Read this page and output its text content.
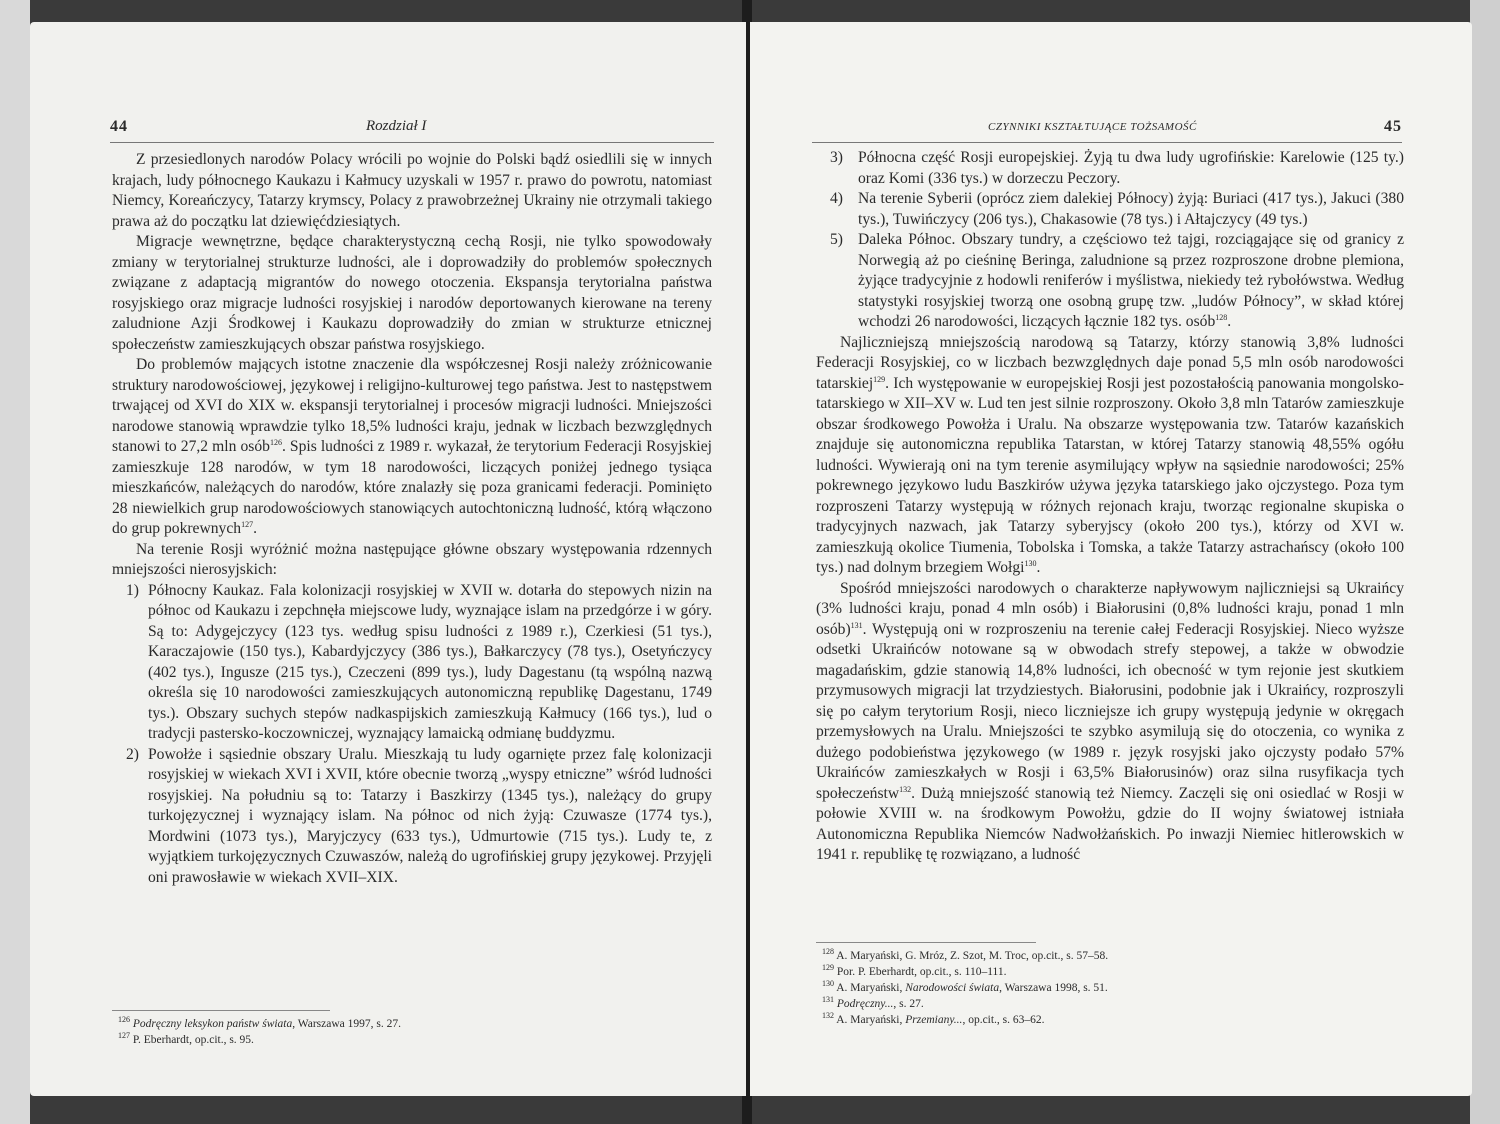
44	Rozdział I

Z przesiedlonych narodów Polacy wrócili po wojnie do Polski bądź osiedlili się w innych krajach, ludy północnego Kaukazu i Kałmucy uzyskali w 1957 r. prawo do powrotu, natomiast Niemcy, Koreańczycy, Tatarzy krymscy, Polacy z prawobrzeżnej Ukrainy nie otrzymali takiego prawa aż do początku lat dziewięćdziesiątych.

Migracje wewnętrzne, będące charakterystyczną cechą Rosji, nie tylko spowodowały zmiany w terytorialnej strukturze ludności, ale i doprowadziły do problemów społecznych związane z adaptacją migrantów do nowego otoczenia. Ekspansja terytorialna państwa rosyjskiego oraz migracje ludności rosyjskiej i narodów deportowanych kierowane na tereny zaludnione Azji Środkowej i Kaukazu doprowadziły do zmian w strukturze etnicznej społeczeństw zamieszkujących obszar państwa rosyjskiego.

Do problemów mających istotne znaczenie dla współczesnej Rosji należy zróżnicowanie struktury narodowościowej, językowej i religijno-kulturowej tego państwa. Jest to następstwem trwającej od XVI do XIX w. ekspansji terytorialnej i procesów migracji ludności. Mniejszości narodowe stanowią wprawdzie tylko 18,5% ludności kraju, jednak w liczbach bezwzględnych stanowi to 27,2 mln osób$^{126}$. Spis ludności z 1989 r. wykazał, że terytorium Federacji Rosyjskiej zamieszkuje 128 narodów, w tym 18 narodowości, liczących poniżej jednego tysiąca mieszkańców, należących do narodów, które znalazły się poza granicami federacji. Pominięto 28 niewielkich grup narodowościowych stanowiących autochtoniczną ludność, którą włączono do grup pokrewnych$^{127}$.

Na terenie Rosji wyróżnić można następujące główne obszary występowania rdzennych mniejszości nierosyjskich:

1) Północny Kaukaz. Fala kolonizacji rosyjskiej w XVII w. dotarła do stepowych nizin na północ od Kaukazu i zepchnęła miejscowe ludy, wyznające islam na przedgórze i w góry. Są to: Adygejczycy (123 tys. według spisu ludności z 1989 r.), Czerkiesi (51 tys.), Karaczajowie (150 tys.), Kabardyjczycy (386 tys.), Bałkarczycy (78 tys.), Osetyńczycy (402 tys.), Ingusze (215 tys.), Czeczeni (899 tys.), ludy Dagestanu (tą wspólną nazwą określa się 10 narodowości zamieszkujących autonomiczną republikę Dagestanu, 1749 tys.). Obszary suchych stepów nadkaspijskich zamieszkują Kałmucy (166 tys.), lud o tradycji pastersko-koczowniczej, wyznający lamaicką odmianę buddyzmu.
2) Powołże i sąsiednie obszary Uralu. Mieszkają tu ludy ogarnięte przez falę kolonizacji rosyjskiej w wiekach XVI i XVII, które obecnie tworzą „wyspy etniczne” wśród ludności rosyjskiej. Na południu są to: Tatarzy i Baszkirzy (1345 tys.), należący do grupy turkojęzycznej i wyznający islam. Na północ od nich żyją: Czuwasze (1774 tys.), Mordwini (1073 tys.), Maryjczycy (633 tys.), Udmurtowie (715 tys.). Ludy te, z wyjątkiem turkojęzycznych Czuwaszów, należą do ugrofińskiej grupy językowej. Przyjęli oni prawosławie w wiekach XVII–XIX.
$^{126}$ Podręczny leksykon państw świata, Warszawa 1997, s. 27.
$^{127}$ P. Eberhardt, op.cit., s. 95.
CZYNNIKI KSZTAŁTUJĄCE TOŻSAMOŚĆ	45
3) Północna część Rosji europejskiej. Żyją tu dwa ludy ugrofińskie: Karelowie (125 ty.) oraz Komi (336 tys.) w dorzeczu Peczory.
4) Na terenie Syberii (oprócz ziem dalekiej Północy) żyją: Buriaci (417 tys.), Jakuci (380 tys.), Tuwińczycy (206 tys.), Chakasowie (78 tys.) i Ałtajczycy (49 tys.)
5) Daleka Północ. Obszary tundry, a częściowo też tajgi, rozciągające się od granicy z Norwegią aż po cieśninę Beringa, zaludnione są przez rozproszone drobne plemiona, żyjące tradycyjnie z hodowli reniferów i myślistwa, niekiedy też rybołówstwa. Według statystyki rosyjskiej tworzą one osobną grupę tzw. „ludów Północy”, w skład której wchodzi 26 narodowości, liczących łącznie 182 tys. osób$^{128}$.

Najliczniejszą mniejszością narodową są Tatarzy, którzy stanowią 3,8% ludności Federacji Rosyjskiej, co w liczbach bezwzględnych daje ponad 5,5 mln osób narodowości tatarskiej$^{129}$. Ich występowanie w europejskiej Rosji jest pozostałością panowania mongolsko-tatarskiego w XII–XV w. Lud ten jest silnie rozproszony. Około 3,8 mln Tatarów zamieszkuje obszar środkowego Powołża i Uralu. Na obszarze występowania tzw. Tatarów kazańskich znajduje się autonomiczna republika Tatarstan, w której Tatarzy stanowią 48,55% ogółu ludności. Wywierają oni na tym terenie asymilujący wpływ na sąsiednie narodowości; 25% pokrewnego językowo ludu Baszkirów używa języka tatarskiego jako ojczystego. Poza tym rozproszeni Tatarzy występują w różnych rejonach kraju, tworząc regionalne skupiska o tradycyjnych nazwach, jak Tatarzy syberyjscy (około 200 tys.), którzy od XVI w. zamieszkują okolice Tiumenia, Tobolska i Tomska, a także Tatarzy astrachańscy (około 100 tys.) nad dolnym brzegiem Wołgi$^{130}$.

Spośród mniejszości narodowych o charakterze napływowym najliczniejsi są Ukraińcy (3% ludności kraju, ponad 4 mln osób) i Białorusini (0,8% ludności kraju, ponad 1 mln osób)$^{131}$. Występują oni w rozproszeniu na terenie całej Federacji Rosyjskiej. Nieco wyższe odsetki Ukraińców notowane są w obwodach strefy stepowej, a także w obwodzie magadańskim, gdzie stanowią 14,8% ludności, ich obecność w tym rejonie jest skutkiem przymusowych migracji lat trzydziestych. Białorusini, podobnie jak i Ukraińcy, rozproszyli się po całym terytorium Rosji, nieco liczniejsze ich grupy występują jedynie w okręgach przemysłowych na Uralu. Mniejszości te szybko asymilują się do otoczenia, co wynika z dużego podobieństwa językowego (w 1989 r. język rosyjski jako ojczysty podało 57% Ukraińców zamieszkałych w Rosji i 63,5% Białorusinów) oraz silna rusyfikacja tych społeczeństw$^{132}$. Dużą mniejszość stanowią też Niemcy. Zaczęli się oni osiedlać w Rosji w połowie XVIII w. na środkowym Powołżu, gdzie do II wojny światowej istniała Autonomiczna Republika Niemców Nadwołżańskich. Po inwazji Niemiec hitlerowskich w 1941 r. republikę tę rozwiązano, a ludność

$^{128}$ A. Maryański, G. Mróz, Z. Szot, M. Troc, op.cit., s. 57–58.
$^{129}$ Por. P. Eberhardt, op.cit., s. 110–111.
$^{130}$ A. Maryański, Narodowości świata, Warszawa 1998, s. 51.
$^{131}$ Podręczny..., s. 27.
$^{132}$ A. Maryański, Przemiany..., op.cit., s. 63–62.
